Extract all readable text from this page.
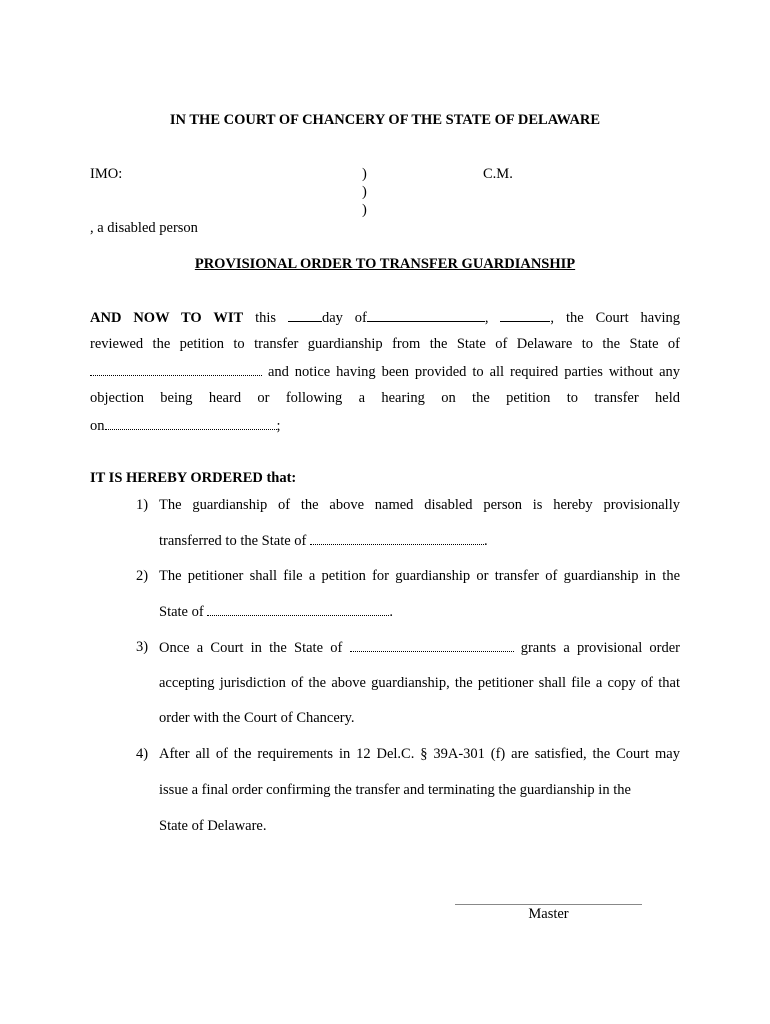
IN THE COURT OF CHANCERY OF THE STATE OF DELAWARE
IMO:	)
)
)
C.M.
, a disabled person
PROVISIONAL ORDER TO TRANSFER GUARDIANSHIP
AND NOW TO WIT this	day of	,	, the Court having
reviewed the petition to transfer guardianship from the State of Delaware to the State of
and notice having been provided to all required parties without any
objection being heard or following a hearing on the petition to transfer held
on	;
IT IS HEREBY ORDERED that:
1) The guardianship of the above named disabled person is hereby provisionally
transferred to the State of	.
2) The petitioner shall file a petition for guardianship or transfer of guardianship in the
State of	.
3) Once a Court in the State of	grants a provisional order
accepting jurisdiction of the above guardianship, the petitioner shall file a copy of that
order with the Court of Chancery.
4) After all of the requirements in 12 Del.C. § 39A-301 (f) are satisfied, the Court may
issue a final order confirming the transfer and terminating the guardianship in the
State of Delaware.
Master
